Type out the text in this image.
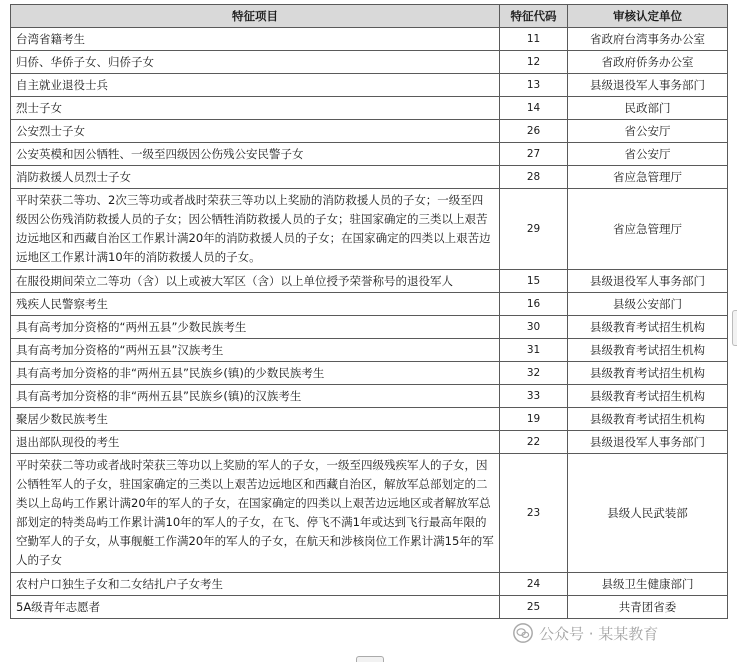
特征项目	特征代码	审核认定单位
台湾省籍考生	11	省政府台湾事务办公室
归侨、华侨子女、归侨子女	12	省政府侨务办公室
自主就业退役士兵	13	县级退役军人事务部门
烈士子女	14	民政部门
公安烈士子女	26	省公安厅
公安英模和因公牺牲、一级至四级因公伤残公安民警子女	27	省公安厅
消防救援人员烈士子女	28	省应急管理厅
平时荣获二等功、2次三等功或者战时荣获三等功以上奖励的消防救援人员的子女；一级至四级因公伤残消防救援人员的子女；因公牺牲消防救援人员的子女；驻国家确定的三类以上艰苦边远地区和西藏自治区工作累计满20年的消防救援人员的子女；在国家确定的四类以上艰苦边远地区工作累计满10年的消防救援人员的子女。	29	省应急管理厅
在服役期间荣立二等功（含）以上或被大军区（含）以上单位授予荣誉称号的退役军人	15	县级退役军人事务部门
残疾人民警察考生	16	县级公安部门
具有高考加分资格的“两州五县”少数民族考生	30	县级教育考试招生机构
具有高考加分资格的“两州五县”汉族考生	31	县级教育考试招生机构
具有高考加分资格的非“两州五县”民族乡(镇)的少数民族考生	32	县级教育考试招生机构
具有高考加分资格的非“两州五县”民族乡(镇)的汉族考生	33	县级教育考试招生机构
聚居少数民族考生	19	县级教育考试招生机构
退出部队现役的考生	22	县级退役军人事务部门
平时荣获二等功或者战时荣获三等功以上奖励的军人的子女，一级至四级残疾军人的子女，因公牺牲军人的子女，驻国家确定的三类以上艰苦边远地区和西藏自治区，解放军总部划定的二类以上岛屿工作累计满20年的军人的子女，在国家确定的四类以上艰苦边远地区或者解放军总部划定的特类岛屿工作累计满10年的军人的子女，在飞、停飞不满1年或达到飞行最高年限的空勤军人的子女，从事舰艇工作满20年的军人的子女，在航天和涉核岗位工作累计满15年的军人的子女	23	县级人民武装部
农村户口独生子女和二女结扎户子女考生	24	县级卫生健康部门
5A级青年志愿者	25	共青团省委
公众号 · 某某教育
